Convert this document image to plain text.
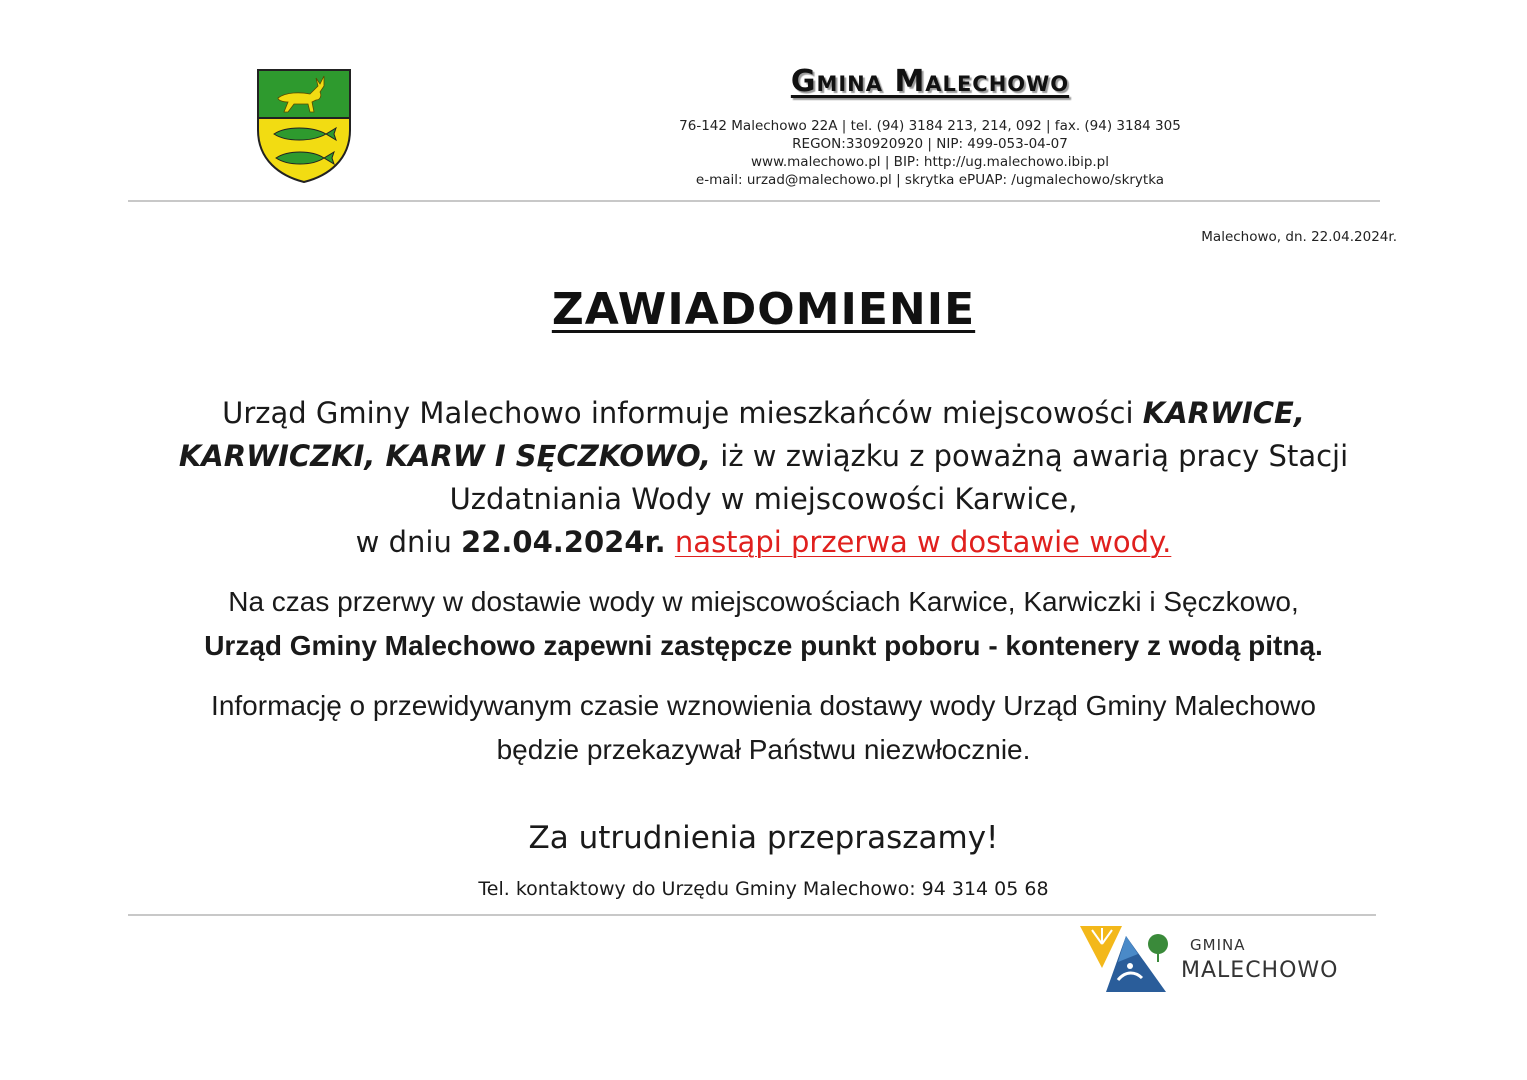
Gmina Malechowo
76-142 Malechowo 22A | tel. (94) 3184 213, 214, 092 | fax. (94) 3184 305
REGON:330920920 | NIP: 499-053-04-07
www.malechowo.pl | BIP: http://ug.malechowo.ibip.pl
e-mail: urzad@malechowo.pl | skrytka ePUAP: /ugmalechowo/skrytka
Malechowo, dn. 22.04.2024r.
ZAWIADOMIENIE
Urząd Gminy Malechowo informuje mieszkańców miejscowości KARWICE, KARWICZKI, KARW I SĘCZKOWO, iż w związku z poważną awarią pracy Stacji Uzdatniania Wody w miejscowości Karwice,
w dniu 22.04.2024r. nastąpi przerwa w dostawie wody.
Na czas przerwy w dostawie wody w miejscowościach Karwice, Karwiczki i Sęczkowo,
Urząd Gminy Malechowo zapewni zastępcze punkt poboru - kontenery z wodą pitną.
Informację o przewidywanym czasie wznowienia dostawy wody Urząd Gminy Malechowo
będzie przekazywał Państwu niezwłocznie.
Za utrudnienia przepraszamy!
Tel. kontaktowy do Urzędu Gminy Malechowo: 94 314 05 68
GMINA
MALECHOWO
